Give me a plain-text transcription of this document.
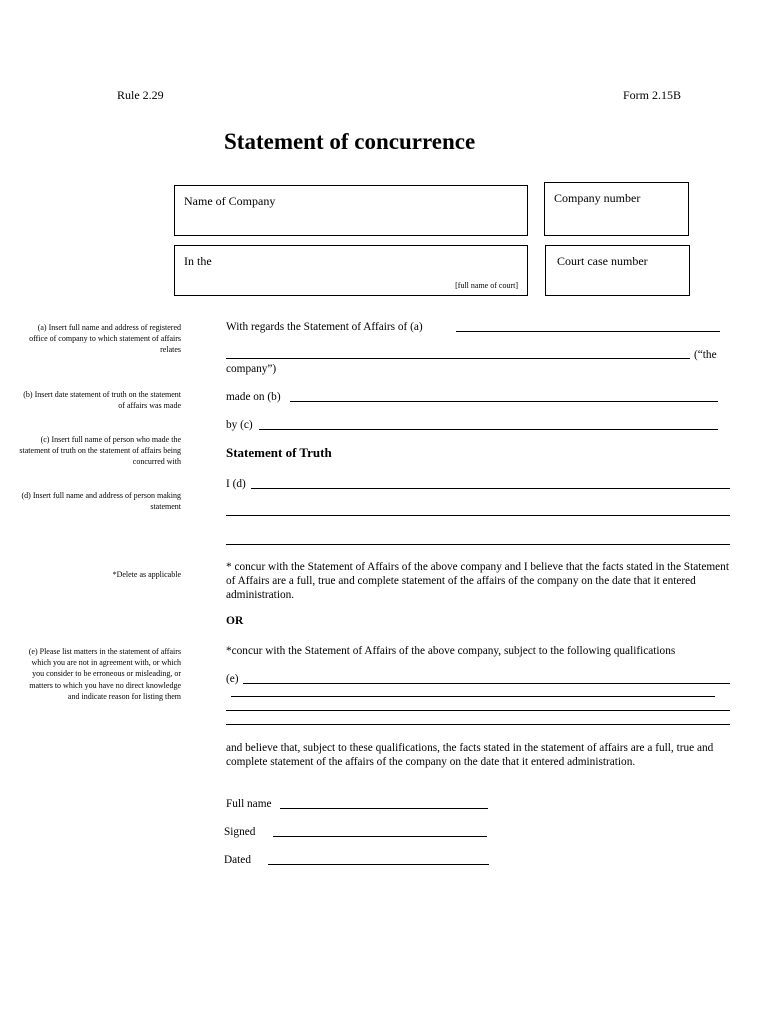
Rule 2.29	Form 2.15B
Statement of concurrence
Name of Company	Company number
In the
[full name of court]
Court case number
(a) Insert full name and address of registered office of company to which statement of affairs relates
(b) Insert date statement of truth on the statement of affairs was made
(c) Insert full name of person who made the statement of truth on the statement of affairs being concurred with
(d) Insert full name and address of person making statement
*Delete as applicable
(e) Please list matters in the statement of affairs which you are not in agreement with, or which you consider to be erroneous or misleading, or matters to which you have no direct knowledge and indicate reason for listing them
With regards the Statement of Affairs of (a)
(“the
company”)
made on (b)
by (c)
Statement of Truth
I (d)
* concur with the Statement of Affairs of the above company and I believe that the facts stated in the Statement of Affairs are a full, true and complete statement of the affairs of the company on the date that it entered administration.
OR
*concur with the Statement of Affairs of the above company, subject to the following qualifications
(e)
and believe that, subject to these qualifications, the facts stated in the statement of affairs are a full, true and complete statement of the affairs of the company on the date that it entered administration.
Full name
Signed
Dated
